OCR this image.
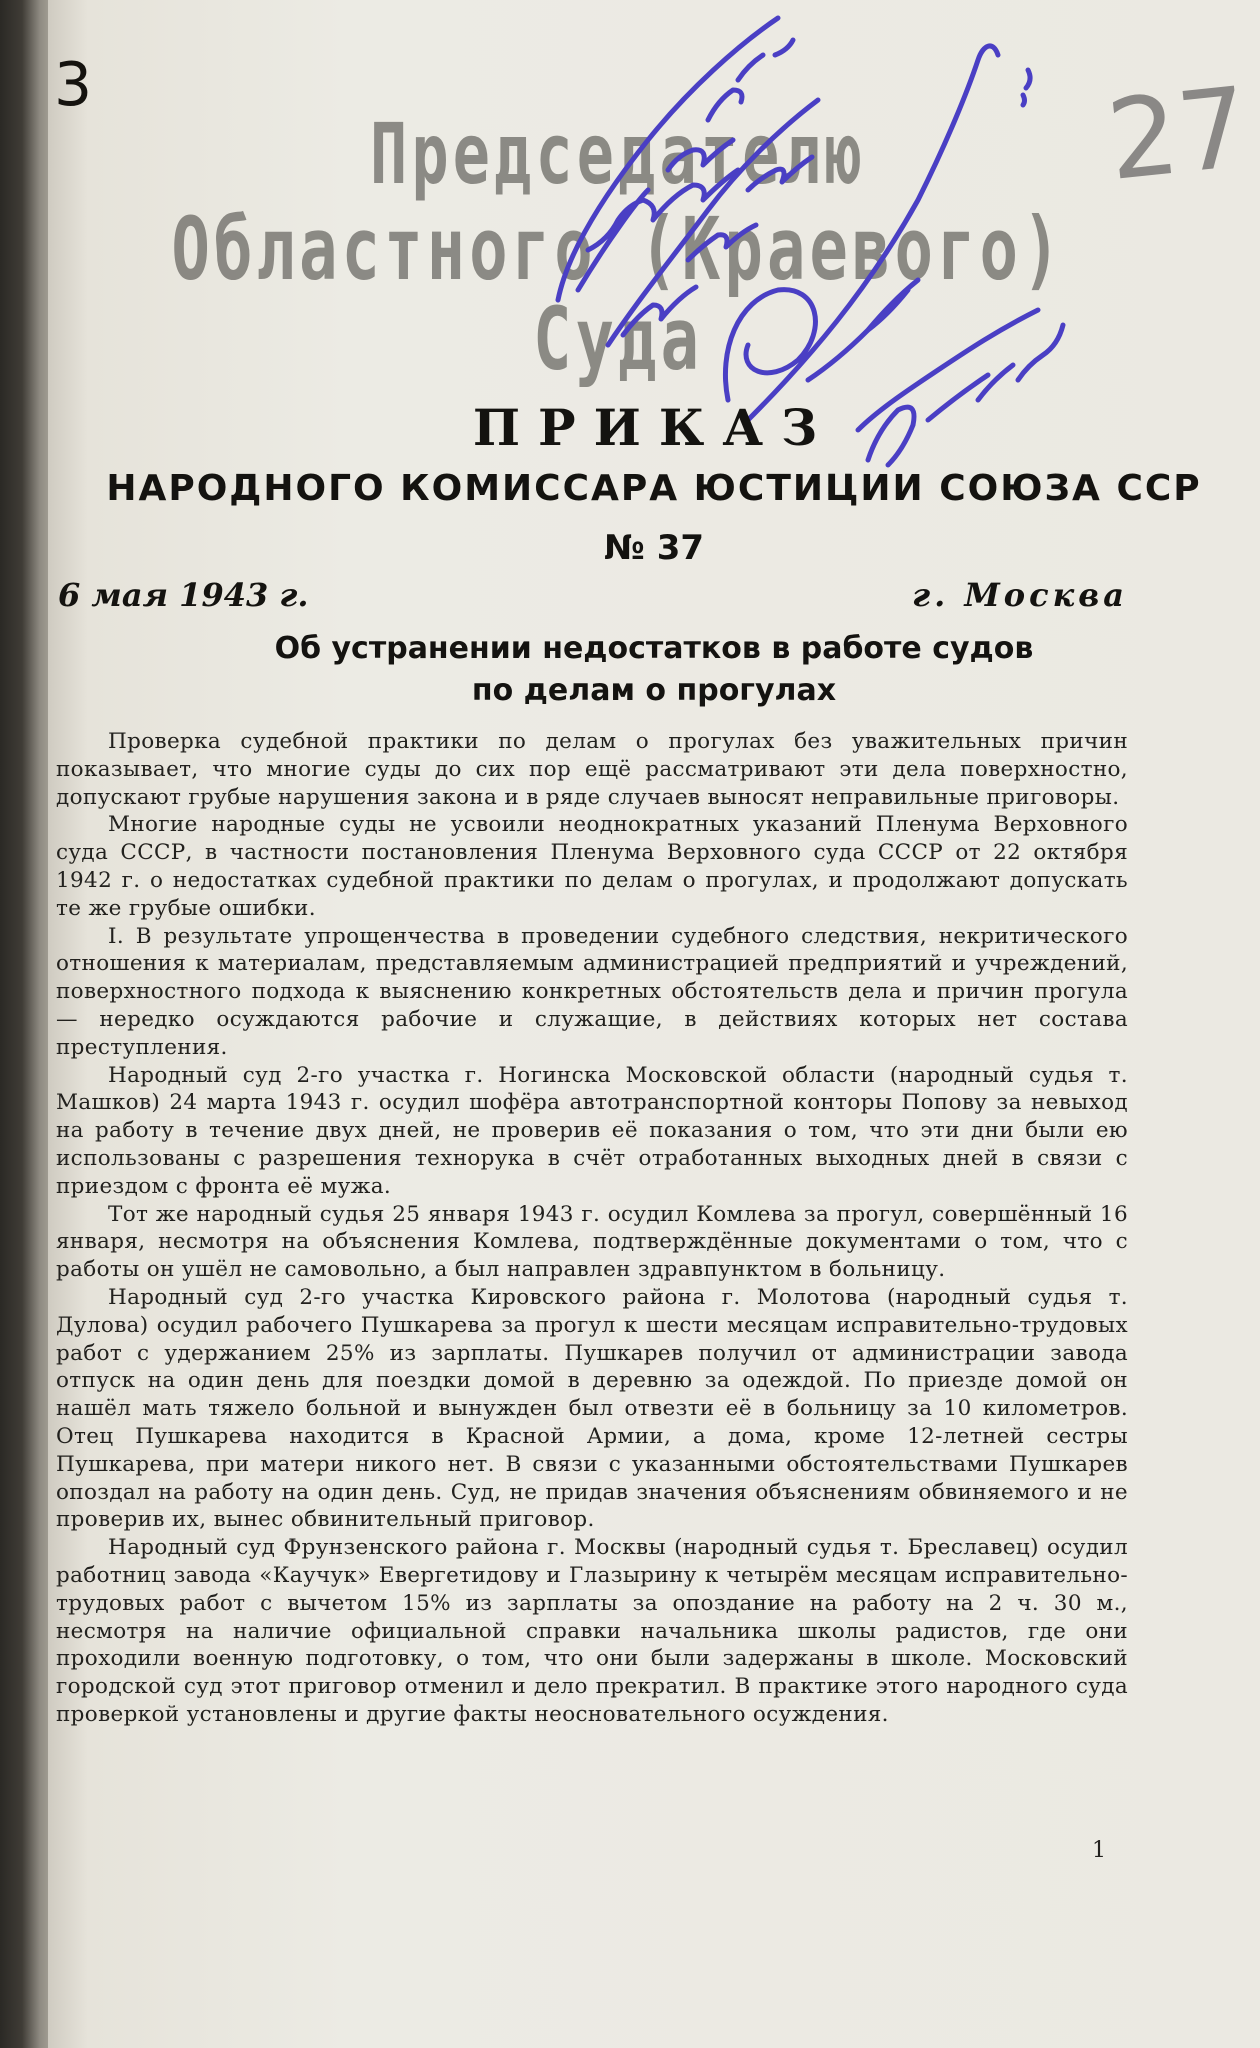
3
Председателю
Областного (Краевого) Суда
27
ПРИКАЗ
НАРОДНОГО КОМИССАРА ЮСТИЦИИ СОЮЗА ССР
№ 37
6 мая 1943 г.	г. Москва
Об устранении недостатков в работе судов
по делам о прогулах

Проверка судебной практики по делам о прогулах без уважительных причин показывает, что многие суды до сих пор ещё рассматривают эти дела поверхностно, допускают грубые нарушения закона и в ряде случаев выносят неправильные приговоры.

Многие народные суды не усвоили неоднократных указаний Пленума Верховного суда СССР, в частности постановления Пленума Верховного суда СССР от 22 октября 1942 г. о недостатках судебной практики по делам о прогулах, и продолжают допускать те же грубые ошибки.

I. В результате упрощенчества в проведении судебного следствия, некритического отношения к материалам, представляемым администрацией предприятий и учреждений, поверхностного подхода к выяснению конкретных обстоятельств дела и причин прогула — нередко осуждаются рабочие и служащие, в действиях которых нет состава преступления.

Народный суд 2-го участка г. Ногинска Московской области (народный судья т. Машков) 24 марта 1943 г. осудил шофёра автотранспортной конторы Попову за невыход на работу в течение двух дней, не проверив её показания о том, что эти дни были ею использованы с разрешения технорука в счёт отработанных выходных дней в связи с приездом с фронта её мужа.

Тот же народный судья 25 января 1943 г. осудил Комлева за прогул, совершённый 16 января, несмотря на объяснения Комлева, подтверждённые документами о том, что с работы он ушёл не самовольно, а был направлен здравпунктом в больницу.

Народный суд 2-го участка Кировского района г. Молотова (народный судья т. Дулова) осудил рабочего Пушкарева за прогул к шести месяцам исправительно-трудовых работ с удержанием 25% из зарплаты. Пушкарев получил от администрации завода отпуск на один день для поездки домой в деревню за одеждой. По приезде домой он нашёл мать тяжело больной и вынужден был отвезти её в больницу за 10 километров. Отец Пушкарева находится в Красной Армии, а дома, кроме 12-летней сестры Пушкарева, при матери никого нет. В связи с указанными обстоятельствами Пушкарев опоздал на работу на один день. Суд, не придав значения объяснениям обвиняемого и не проверив их, вынес обвинительный приговор.

Народный суд Фрунзенского района г. Москвы (народный судья т. Бреславец) осудил работниц завода «Каучук» Евергетидову и Глазырину к четырём месяцам исправительно-трудовых работ с вычетом 15% из зарплаты за опоздание на работу на 2 ч. 30 м., несмотря на наличие официальной справки начальника школы радистов, где они проходили военную подготовку, о том, что они были задержаны в школе. Московский городской суд этот приговор отменил и дело прекратил. В практике этого народного суда проверкой установлены и другие факты неосновательного осуждения.

1
